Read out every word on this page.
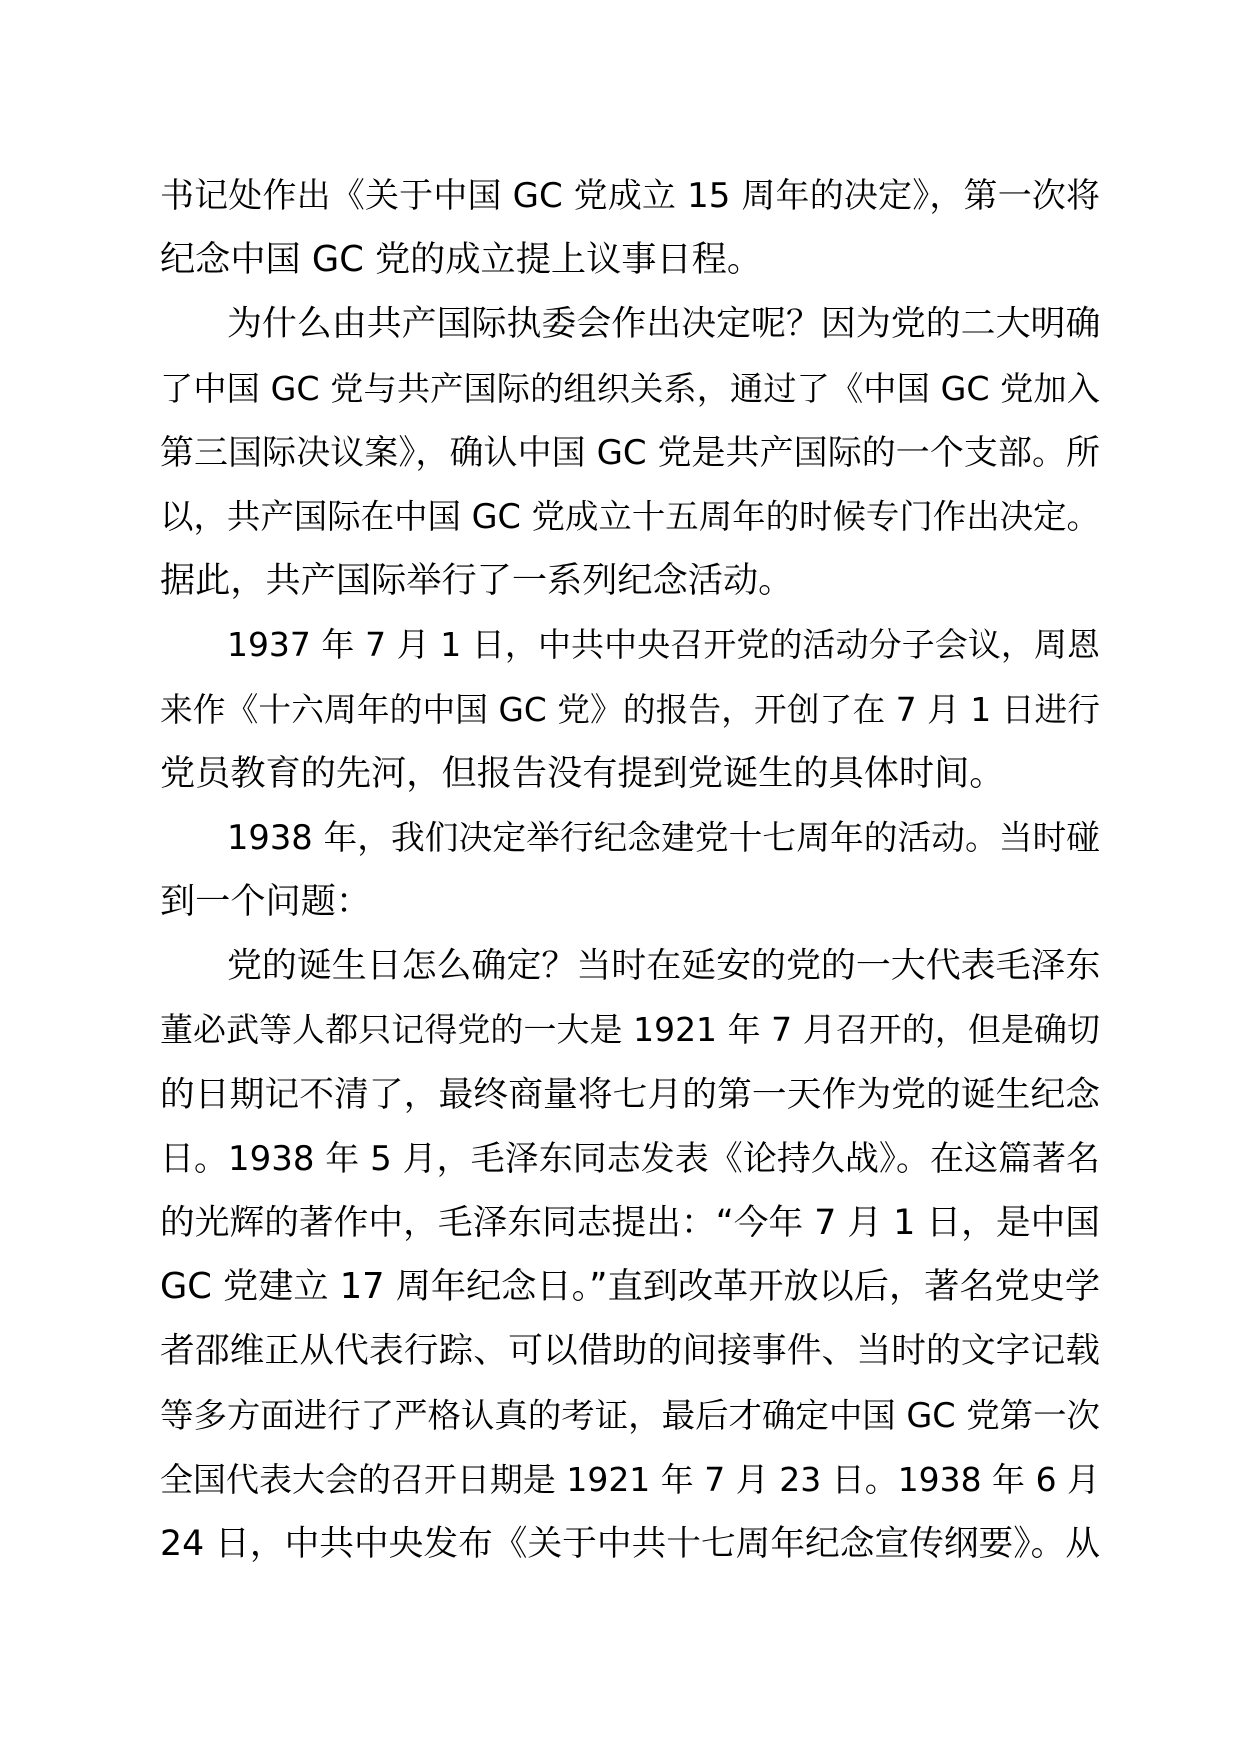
书记处作出《关于中国 GC 党成立 15 周年的决定》，第一次将
纪念中国 GC 党的成立提上议事日程。
为什么由共产国际执委会作出决定呢？因为党的二大明确
了中国 GC 党与共产国际的组织关系，通过了《中国 GC 党加入
第三国际决议案》，确认中国 GC 党是共产国际的一个支部。所
以，共产国际在中国 GC 党成立十五周年的时候专门作出决定。
据此，共产国际举行了一系列纪念活动。
1937 年 7 月 1 日，中共中央召开党的活动分子会议，周恩
来作《十六周年的中国 GC 党》的报告，开创了在 7 月 1 日进行
党员教育的先河，但报告没有提到党诞生的具体时间。
1938 年，我们决定举行纪念建党十七周年的活动。当时碰
到一个问题：
党的诞生日怎么确定？当时在延安的党的一大代表毛泽东
董必武等人都只记得党的一大是 1921 年 7 月召开的，但是确切
的日期记不清了，最终商量将七月的第一天作为党的诞生纪念
日。1938 年 5 月，毛泽东同志发表《论持久战》。在这篇著名
的光辉的著作中，毛泽东同志提出：“今年 7 月 1 日，是中国
GC 党建立 17 周年纪念日。”直到改革开放以后，著名党史学
者邵维正从代表行踪、可以借助的间接事件、当时的文字记载
等多方面进行了严格认真的考证，最后才确定中国 GC 党第一次
全国代表大会的召开日期是 1921 年 7 月 23 日。1938 年 6 月
24 日，中共中央发布《关于中共十七周年纪念宣传纲要》。从
